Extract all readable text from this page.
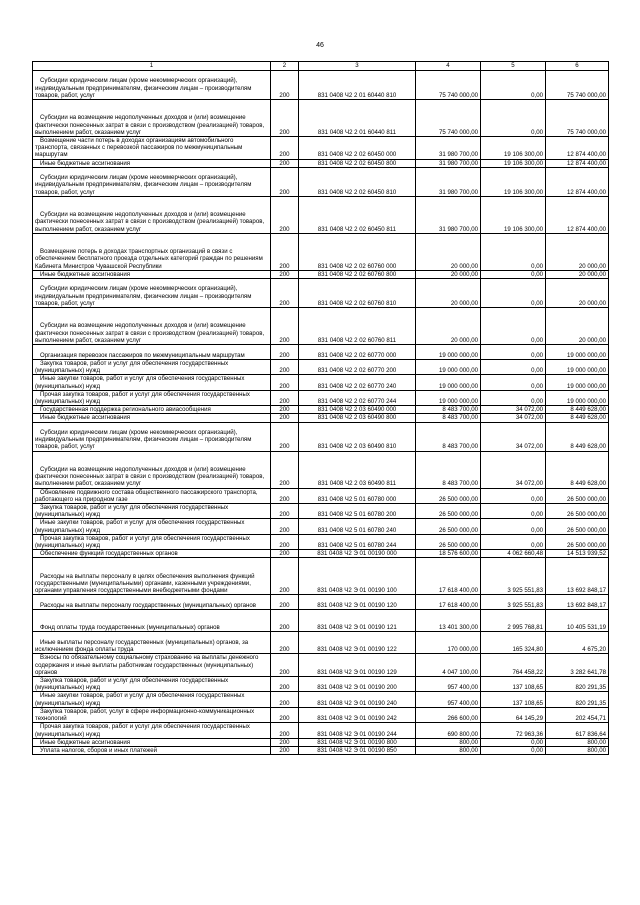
46
1	2	3	4	5	6

Субсидии юридическим лицам (кроме некоммерческих организаций), индивидуальным предпринимателям, физическим лицам – производителям товаров, работ, услуг	200	831 0408 Ч2 2 01 60440 810	75 740 000,00	0,00	75 740 000,00

Субсидии на возмещение недополученных доходов и (или) возмещение фактически понесенных затрат в связи с производством (реализацией) товаров, выполнением работ, оказанием услуг	200	831 0408 Ч2 2 01 60440 811	75 740 000,00	0,00	75 740 000,00

Возмещение части потерь в доходах организациям автомобильного транспорта, связанных с перевозкой пассажиров по межмуниципальным маршрутам	200	831 0408 Ч2 2 02 60450 000	31 980 700,00	19 106 300,00	12 874 400,00

Иные бюджетные ассигнования	200	831 0408 Ч2 2 02 60450 800	31 980 700,00	19 106 300,00	12 874 400,00

Субсидии юридическим лицам (кроме некоммерческих организаций), индивидуальным предпринимателям, физическим лицам – производителям товаров, работ, услуг	200	831 0408 Ч2 2 02 60450 810	31 980 700,00	19 106 300,00	12 874 400,00

Субсидии на возмещение недополученных доходов и (или) возмещение фактически понесенных затрат в связи с производством (реализацией) товаров, выполнением работ, оказанием услуг	200	831 0408 Ч2 2 02 60450 811	31 980 700,00	19 106 300,00	12 874 400,00

Возмещение потерь в доходах транспортных организаций в связи с обеспечением бесплатного проезда отдельных категорий граждан по решениям Кабинета Министров Чувашской Республики	200	831 0408 Ч2 2 02 60760 000	20 000,00	0,00	20 000,00

Иные бюджетные ассигнования	200	831 0408 Ч2 2 02 60760 800	20 000,00	0,00	20 000,00

Субсидии юридическим лицам (кроме некоммерческих организаций), индивидуальным предпринимателям, физическим лицам – производителям товаров, работ, услуг	200	831 0408 Ч2 2 02 60760 810	20 000,00	0,00	20 000,00

Субсидии на возмещение недополученных доходов и (или) возмещение фактически понесенных затрат в связи с производством (реализацией) товаров, выполнением работ, оказанием услуг	200	831 0408 Ч2 2 02 60760 811	20 000,00	0,00	20 000,00

Организация перевозок пассажиров по межмуниципальным маршрутам	200	831 0408 Ч2 2 02 60770 000	19 000 000,00	0,00	19 000 000,00

Закупка товаров, работ и услуг для обеспечения государственных (муниципальных) нужд	200	831 0408 Ч2 2 02 60770 200	19 000 000,00	0,00	19 000 000,00

Иные закупки товаров, работ и услуг для обеспечения государственных (муниципальных) нужд	200	831 0408 Ч2 2 02 60770 240	19 000 000,00	0,00	19 000 000,00

Прочая закупка товаров, работ и услуг для обеспечения государственных (муниципальных) нужд	200	831 0408 Ч2 2 02 60770 244	19 000 000,00	0,00	19 000 000,00

Государственная поддержка регионального авиасообщения	200	831 0408 Ч2 2 03 60490 000	8 483 700,00	34 072,00	8 449 628,00

Иные бюджетные ассигнования	200	831 0408 Ч2 2 03 60490 800	8 483 700,00	34 072,00	8 449 628,00

Субсидии юридическим лицам (кроме некоммерческих организаций), индивидуальным предпринимателям, физическим лицам – производителям товаров, работ, услуг	200	831 0408 Ч2 2 03 60490 810	8 483 700,00	34 072,00	8 449 628,00

Субсидии на возмещение недополученных доходов и (или) возмещение фактически понесенных затрат в связи с производством (реализацией) товаров, выполнением работ, оказанием услуг	200	831 0408 Ч2 2 03 60490 811	8 483 700,00	34 072,00	8 449 628,00

Обновление подвижного состава общественного пассажирского транспорта, работающего на природном газе	200	831 0408 Ч2 5 01 60780 000	26 500 000,00	0,00	26 500 000,00

Закупка товаров, работ и услуг для обеспечения государственных (муниципальных) нужд	200	831 0408 Ч2 5 01 60780 200	26 500 000,00	0,00	26 500 000,00

Иные закупки товаров, работ и услуг для обеспечения государственных (муниципальных) нужд	200	831 0408 Ч2 5 01 60780 240	26 500 000,00	0,00	26 500 000,00

Прочая закупка товаров, работ и услуг для обеспечения государственных (муниципальных) нужд	200	831 0408 Ч2 5 01 60780 244	26 500 000,00	0,00	26 500 000,00

Обеспечение функций государственных органов	200	831 0408 Ч2 Э 01 00190 000	18 576 600,00	4 062 660,48	14 513 939,52

Расходы на выплаты персоналу в целях обеспечения выполнения функций государственными (муниципальными) органами, казенными учреждениями, органами управления государственными внебюджетными фондами	200	831 0408 Ч2 Э 01 00190 100	17 618 400,00	3 925 551,83	13 692 848,17

Расходы на выплаты персоналу государственных (муниципальных) органов	200	831 0408 Ч2 Э 01 00190 120	17 618 400,00	3 925 551,83	13 692 848,17

Фонд оплаты труда государственных (муниципальных) органов	200	831 0408 Ч2 Э 01 00190 121	13 401 300,00	2 995 768,81	10 405 531,19

Иные выплаты персоналу государственных (муниципальных) органов, за исключением фонда оплаты труда	200	831 0408 Ч2 Э 01 00190 122	170 000,00	165 324,80	4 675,20

Взносы по обязательному социальному страхованию на выплаты денежного содержания и иные выплаты работникам государственных (муниципальных) органов	200	831 0408 Ч2 Э 01 00190 129	4 047 100,00	764 458,22	3 282 641,78

Закупка товаров, работ и услуг для обеспечения государственных (муниципальных) нужд	200	831 0408 Ч2 Э 01 00190 200	957 400,00	137 108,65	820 291,35

Иные закупки товаров, работ и услуг для обеспечения государственных (муниципальных) нужд	200	831 0408 Ч2 Э 01 00190 240	957 400,00	137 108,65	820 291,35

Закупка товаров, работ, услуг в сфере информационно-коммуникационных технологий	200	831 0408 Ч2 Э 01 00190 242	266 600,00	64 145,29	202 454,71

Прочая закупка товаров, работ и услуг для обеспечения государственных (муниципальных) нужд	200	831 0408 Ч2 Э 01 00190 244	690 800,00	72 963,36	617 836,64

Иные бюджетные ассигнования	200	831 0408 Ч2 Э 01 00190 800	800,00	0,00	800,00

Уплата налогов, сборов и иных платежей	200	831 0408 Ч2 Э 01 00190 850	800,00	0,00	800,00
